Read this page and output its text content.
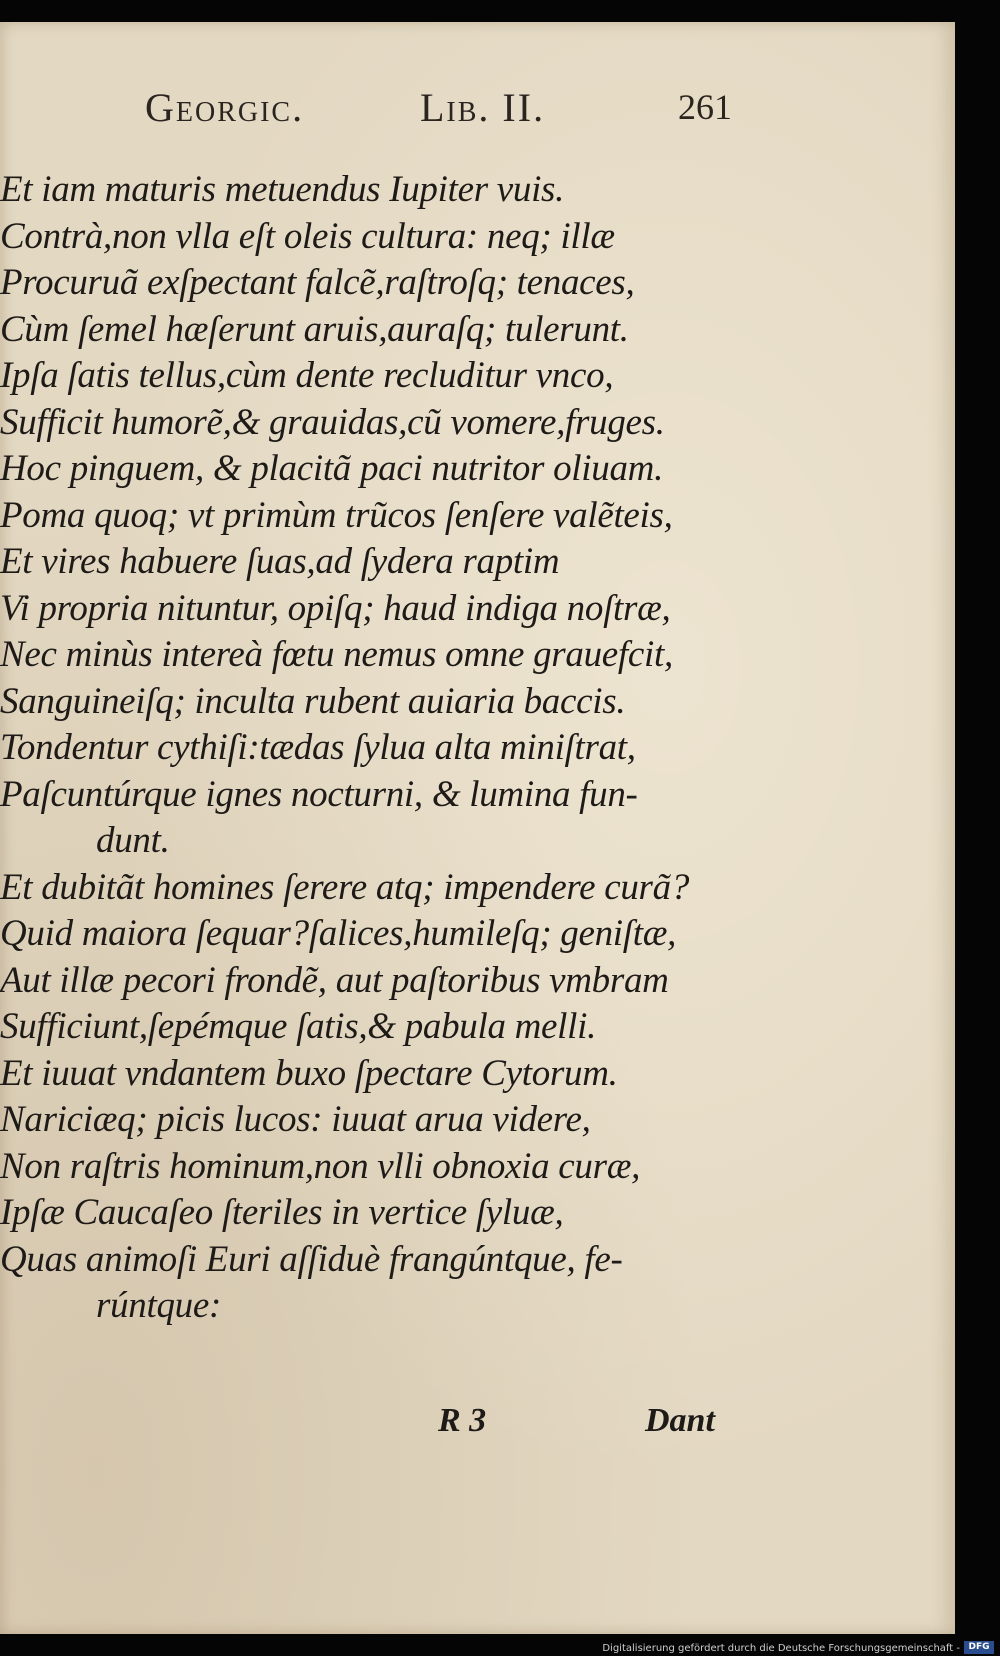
Georgic.	Lib. II.	261
Et iam maturis metuendus Iupiter vuis.
Contrà,non vlla eſt oleis cultura: neq; illæ
Procuruã exſpectant falcẽ,raſtroſq; tenaces,
Cùm ſemel hæſerunt aruis,auraſq; tulerunt.
Ipſa ſatis tellus,cùm dente recluditur vnco,
Sufficit humorẽ,& grauidas,cũ vomere,fruges.
Hoc pinguem, & placitã paci nutritor oliuam.
Poma quoq; vt primùm trũcos ſenſere valẽteis,
Et vires habuere ſuas,ad ſydera raptim
Vi propria nituntur, opiſq; haud indiga noſtræ,
Nec minùs intereà fœtu nemus omne grauefcit,
Sanguineiſq; inculta rubent auiaria baccis.
Tondentur cythiſi:tædas ſylua alta miniſtrat,
Paſcuntúrque ignes nocturni, & lumina fun-
dunt.
Et dubitãt homines ſerere atq; impendere curã?
Quid maiora ſequar?ſalices,humileſq; geniſtæ,
Aut illæ pecori frondẽ, aut paſtoribus vmbram
Sufficiunt,ſepémque ſatis,& pabula melli.
Et iuuat vndantem buxo ſpectare Cytorum.
Nariciæq; picis lucos: iuuat arua videre,
Non raſtris hominum,non vlli obnoxia curæ,
Ipſæ Caucaſeo ſteriles in vertice ſyluæ,
Quas animoſi Euri aſſiduè frangúntque, fe-
rúntque:
R 3	Dant
Digitalisierung gefördert durch die Deutsche Forschungsgemeinschaft - DFG
